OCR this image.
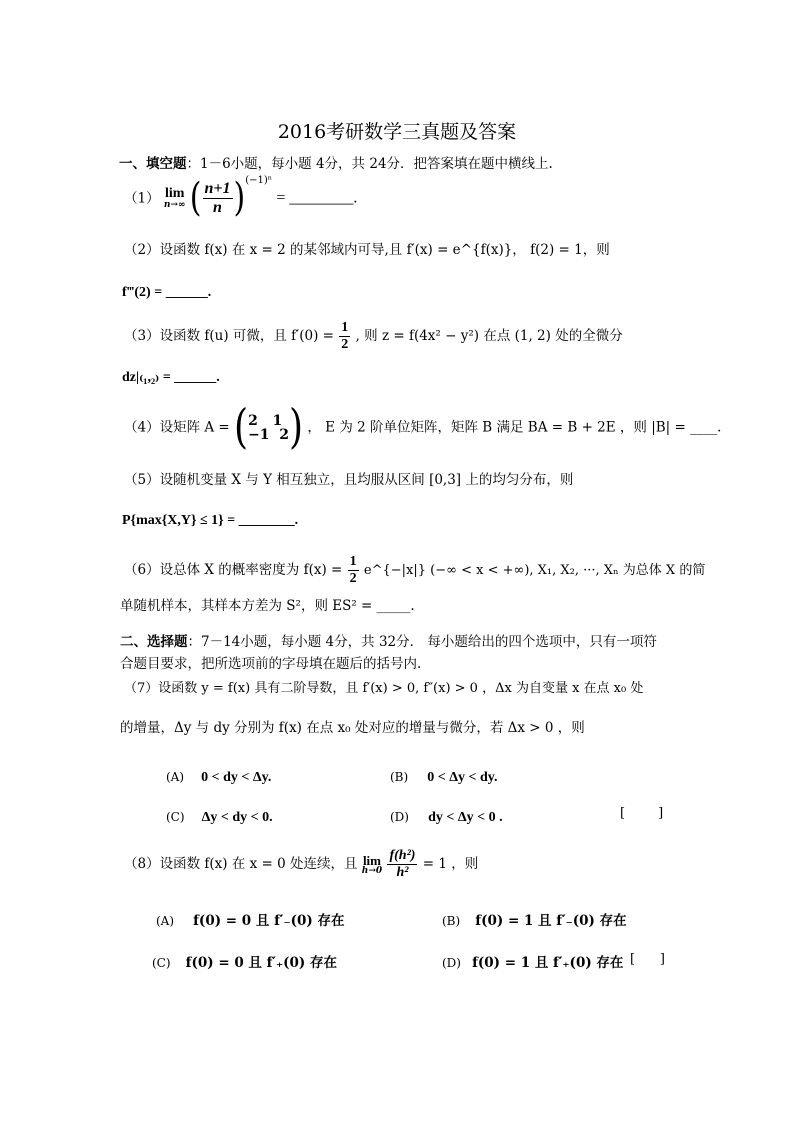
2016考研数学三真题及答案
一、填空题：1－6小题，每小题 4分，共 24分．把答案填在题中横线上.
（1） lim
n→∞ ( $\frac{n+1}{n} )^{(-1)^n}$ = ________.
（2）设函数 f(x) 在 x = 2 的某邻域内可导,且 f′(x) = e^{f(x)}， f(2) = 1，则
f‴(2) = ______.
（3）设函数 f(u) 可微，且 $f'(0) = \frac{1}{2}$ , 则 z = f(4x² − y²) 在点 (1, 2) 处的全微分
dz|₍₁,₂₎ = ______.
（4）设矩阵 A = ( 2   1
−1  2 ) ， E 为 2 阶单位矩阵，矩阵 B 满足 BA = B + 2E ，则 |B| = ____.
（5）设随机变量 X 与 Y 相互独立，且均服从区间 [0,3] 上的均匀分布，则
P{max{X,Y} ≤ 1} = ________.
（6）设总体 X 的概率密度为 $f(x) = \frac{1}{2}$ e^{−|x|} (−∞ < x < +∞), X₁, X₂, ···, Xₙ 为总体 X 的简
单随机样本，其样本方差为 S²，则 ES² = _____.
二、选择题：7－14小题，每小题 4分，共 32分． 每小题给出的四个选项中，只有一项符
合题目要求，把所选项前的字母填在题后的括号内.
（7）设函数 y = f(x) 具有二阶导数，且 f′(x) > 0, f″(x) > 0 ，Δx 为自变量 x 在点 x₀ 处
的增量，Δy 与 dy 分别为 f(x) 在点 x₀ 处对应的增量与微分，若 Δx > 0 ，则
(A) 0 < dy < Δy.	(B) 0 < Δy < dy.
(C) Δy < dy < 0.	(D) dy < Δy < 0 .	[        ]
（8）设函数 f(x) 在 x = 0 处连续，且 lim
h→0
$\frac{\text{f(h²)}}{\text{h²}} = 1$ ，则
(A) f(0) = 0 且 f′₋(0) 存在	(B) f(0) = 1 且 f′₋(0) 存在
(C) f(0) = 0 且 f′₊(0) 存在	(D) f(0) = 1 且 f′₊(0) 存在 [      ]
